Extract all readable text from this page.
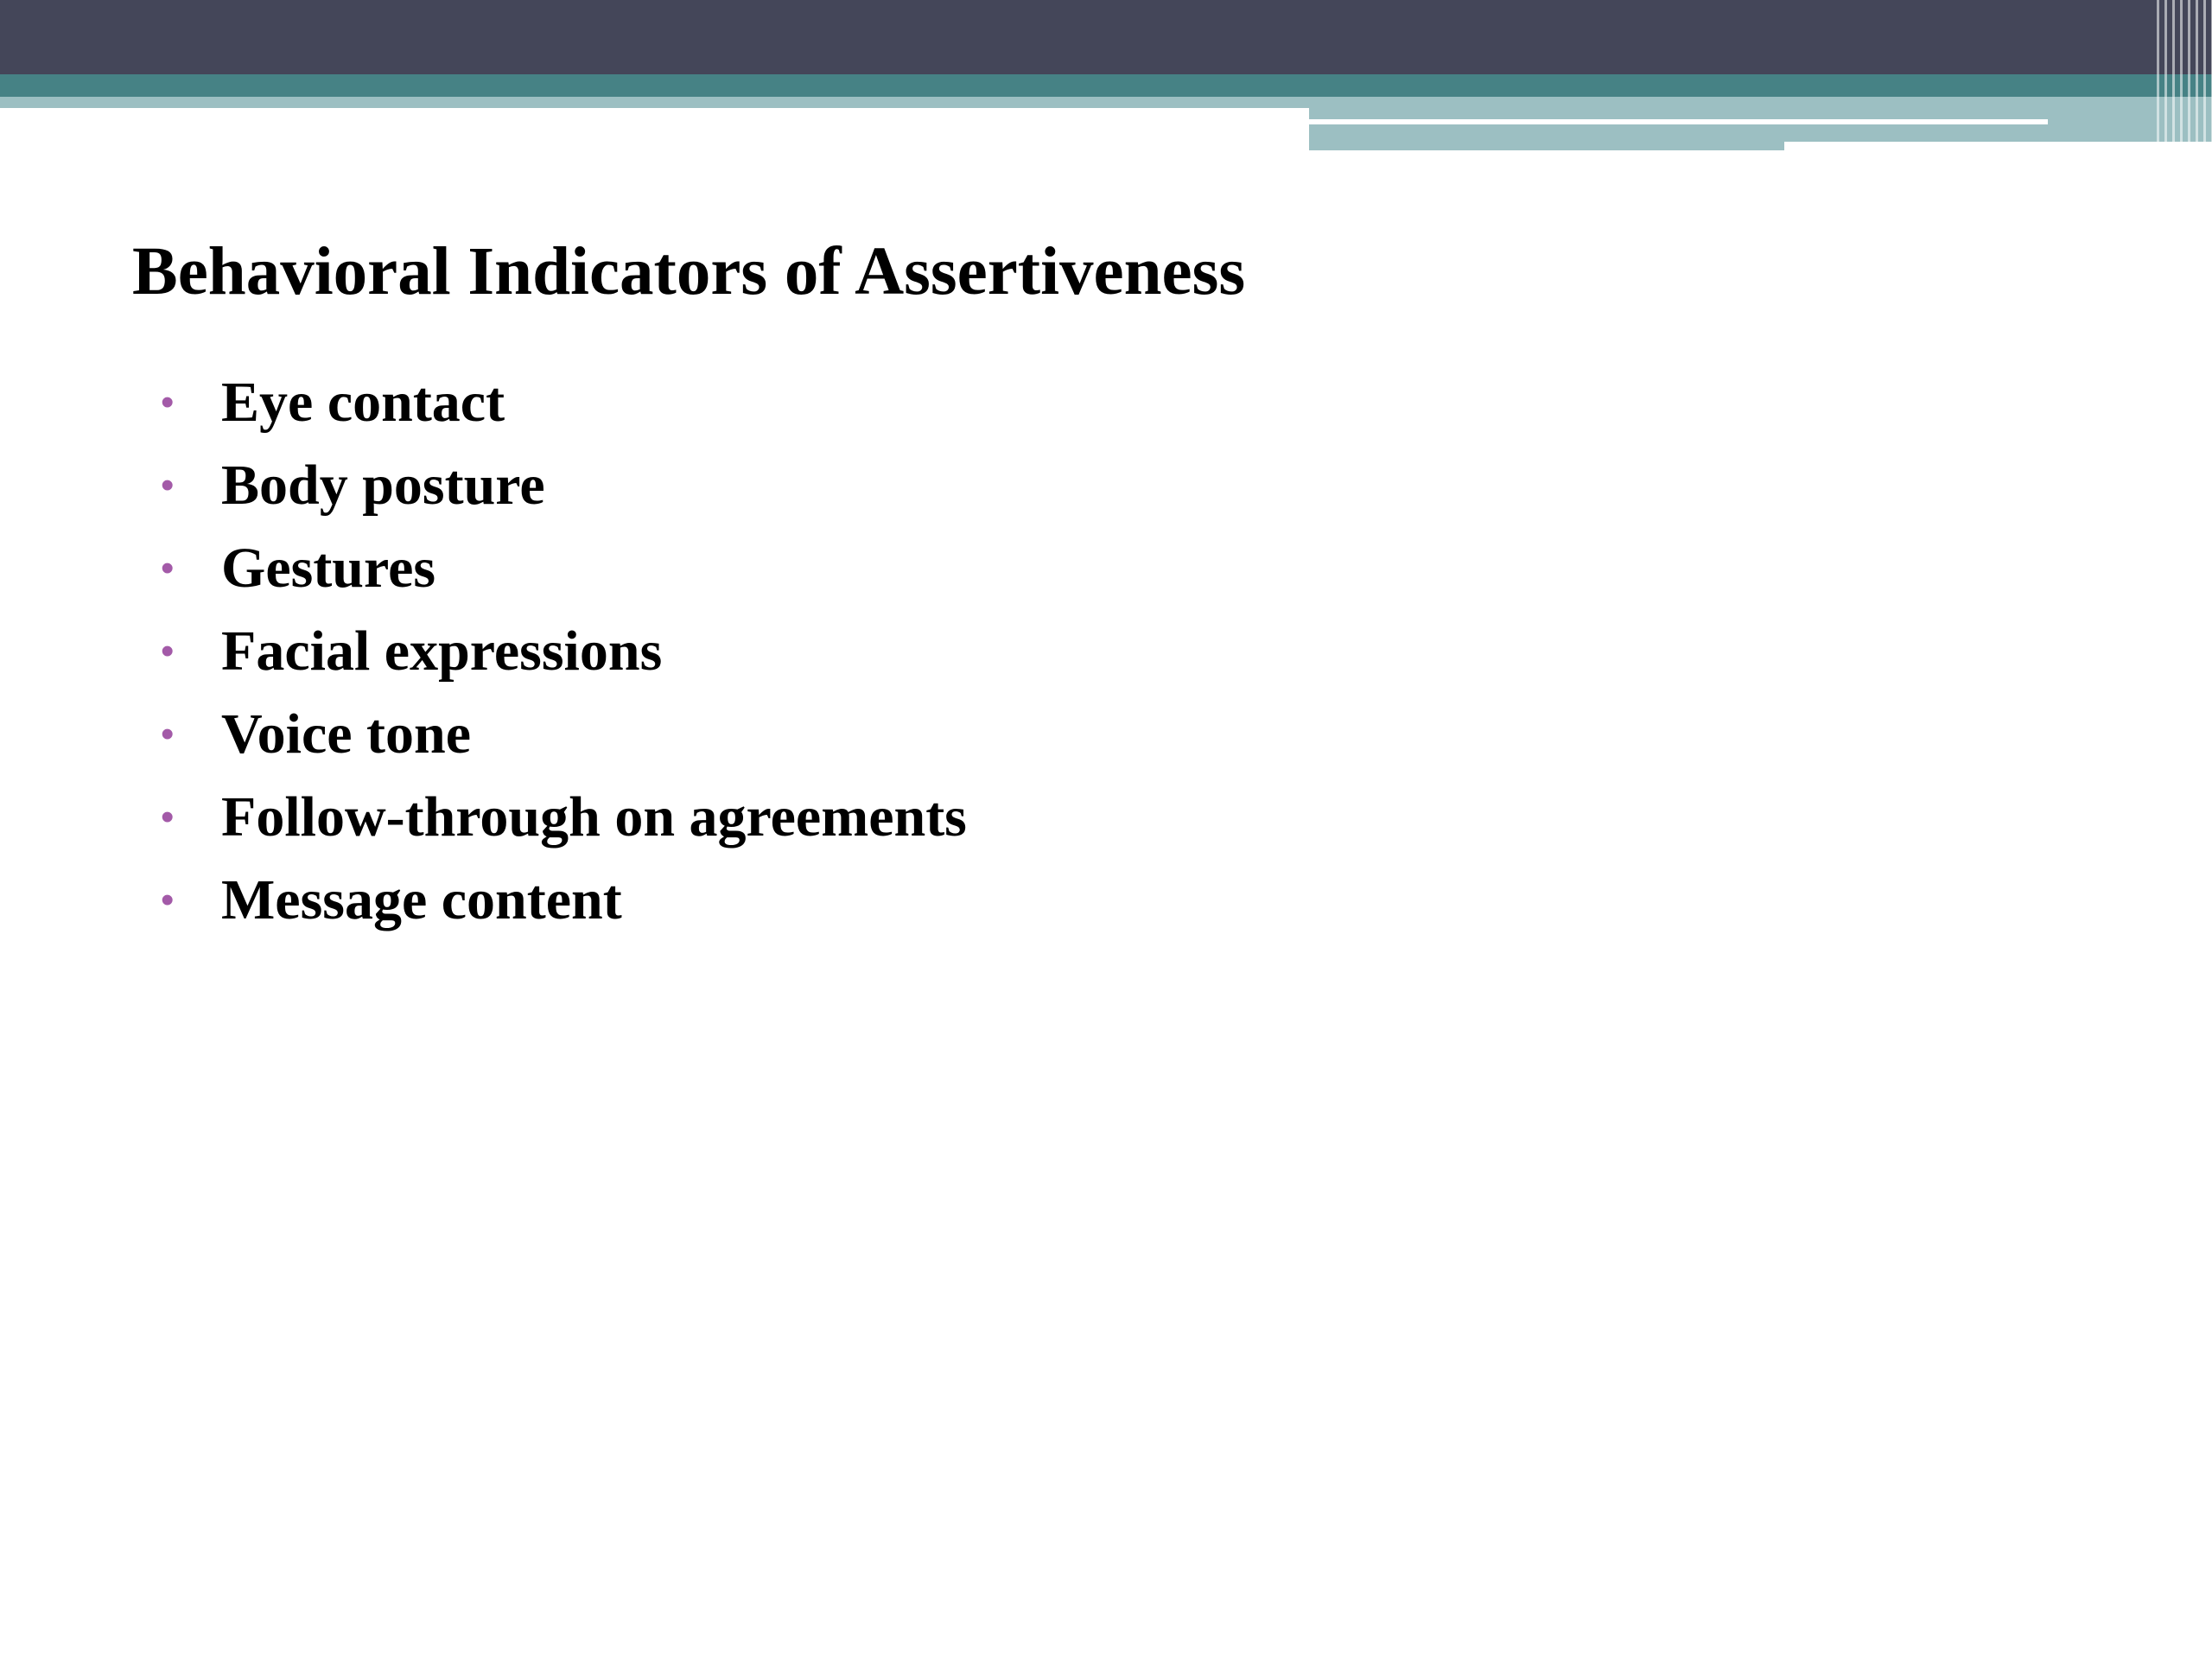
Behavioral Indicators of Assertiveness
• Eye contact
• Body posture
• Gestures
• Facial expressions
• Voice tone
• Follow-through on agreements
• Message content
